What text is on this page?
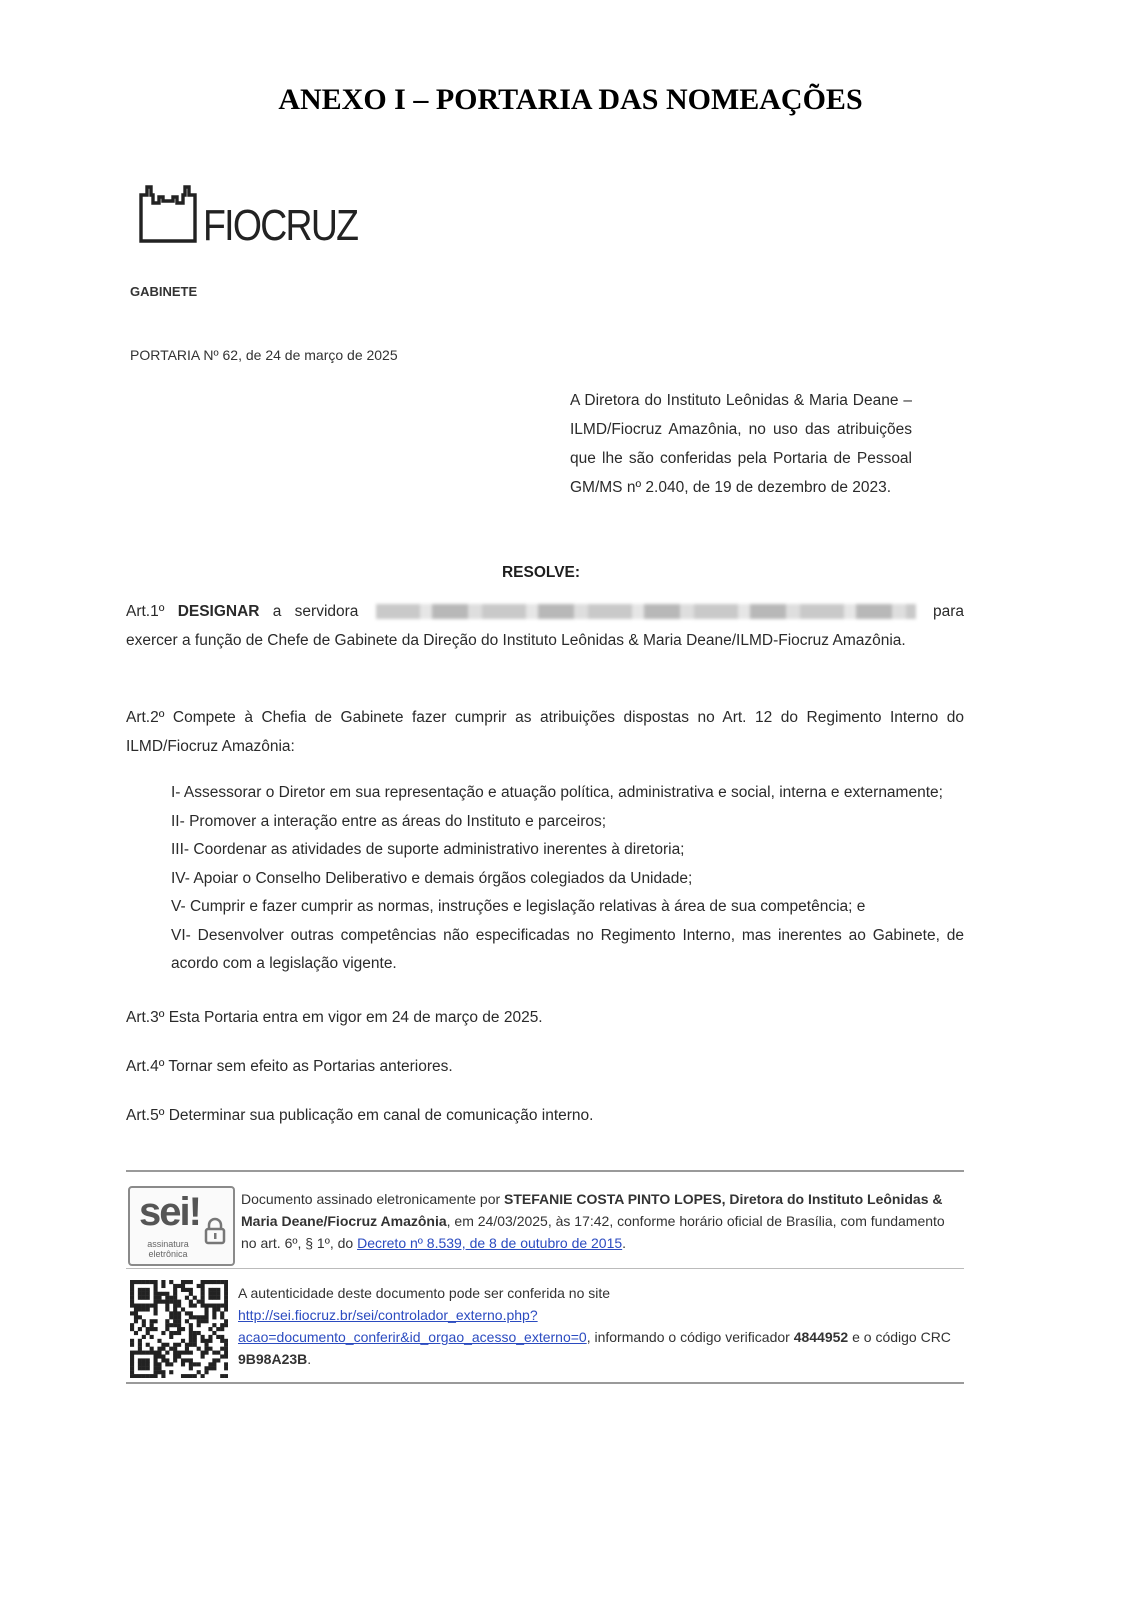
ANEXO I – PORTARIA DAS NOMEAÇÕES
FIOCRUZ
GABINETE
PORTARIA Nº 62, de 24 de março de 2025
A Diretora do Instituto Leônidas & Maria Deane – ILMD/Fiocruz Amazônia, no uso das atribuições que lhe são conferidas pela Portaria de Pessoal GM/MS nº 2.040, de 19 de dezembro de 2023.
RESOLVE:
Art.1º DESIGNAR a servidora	para exercer a função de Chefe de Gabinete da Direção do Instituto Leônidas & Maria Deane/ILMD-Fiocruz Amazônia.
Art.2º Compete à Chefia de Gabinete fazer cumprir as atribuições dispostas no Art. 12 do Regimento Interno do ILMD/Fiocruz Amazônia:
I- Assessorar o Diretor em sua representação e atuação política, administrativa e social, interna e externamente;
II- Promover a interação entre as áreas do Instituto e parceiros;
III- Coordenar as atividades de suporte administrativo inerentes à diretoria;
IV- Apoiar o Conselho Deliberativo e demais órgãos colegiados da Unidade;
V- Cumprir e fazer cumprir as normas, instruções e legislação relativas à área de sua competência; e
VI- Desenvolver outras competências não especificadas no Regimento Interno, mas inerentes ao Gabinete, de acordo com a legislação vigente.
Art.3º Esta Portaria entra em vigor em 24 de março de 2025.
Art.4º Tornar sem efeito as Portarias anteriores.
Art.5º Determinar sua publicação em canal de comunicação interno.
sei!
assinatura eletrônica
Documento assinado eletronicamente por STEFANIE COSTA PINTO LOPES, Diretora do Instituto Leônidas & Maria Deane/Fiocruz Amazônia, em 24/03/2025, às 17:42, conforme horário oficial de Brasília, com fundamento no art. 6º, § 1º, do Decreto nº 8.539, de 8 de outubro de 2015.
A autenticidade deste documento pode ser conferida no site
http://sei.fiocruz.br/sei/controlador_externo.php?
acao=documento_conferir&id_orgao_acesso_externo=0, informando o código verificador 4844952 e o código CRC 9B98A23B.
